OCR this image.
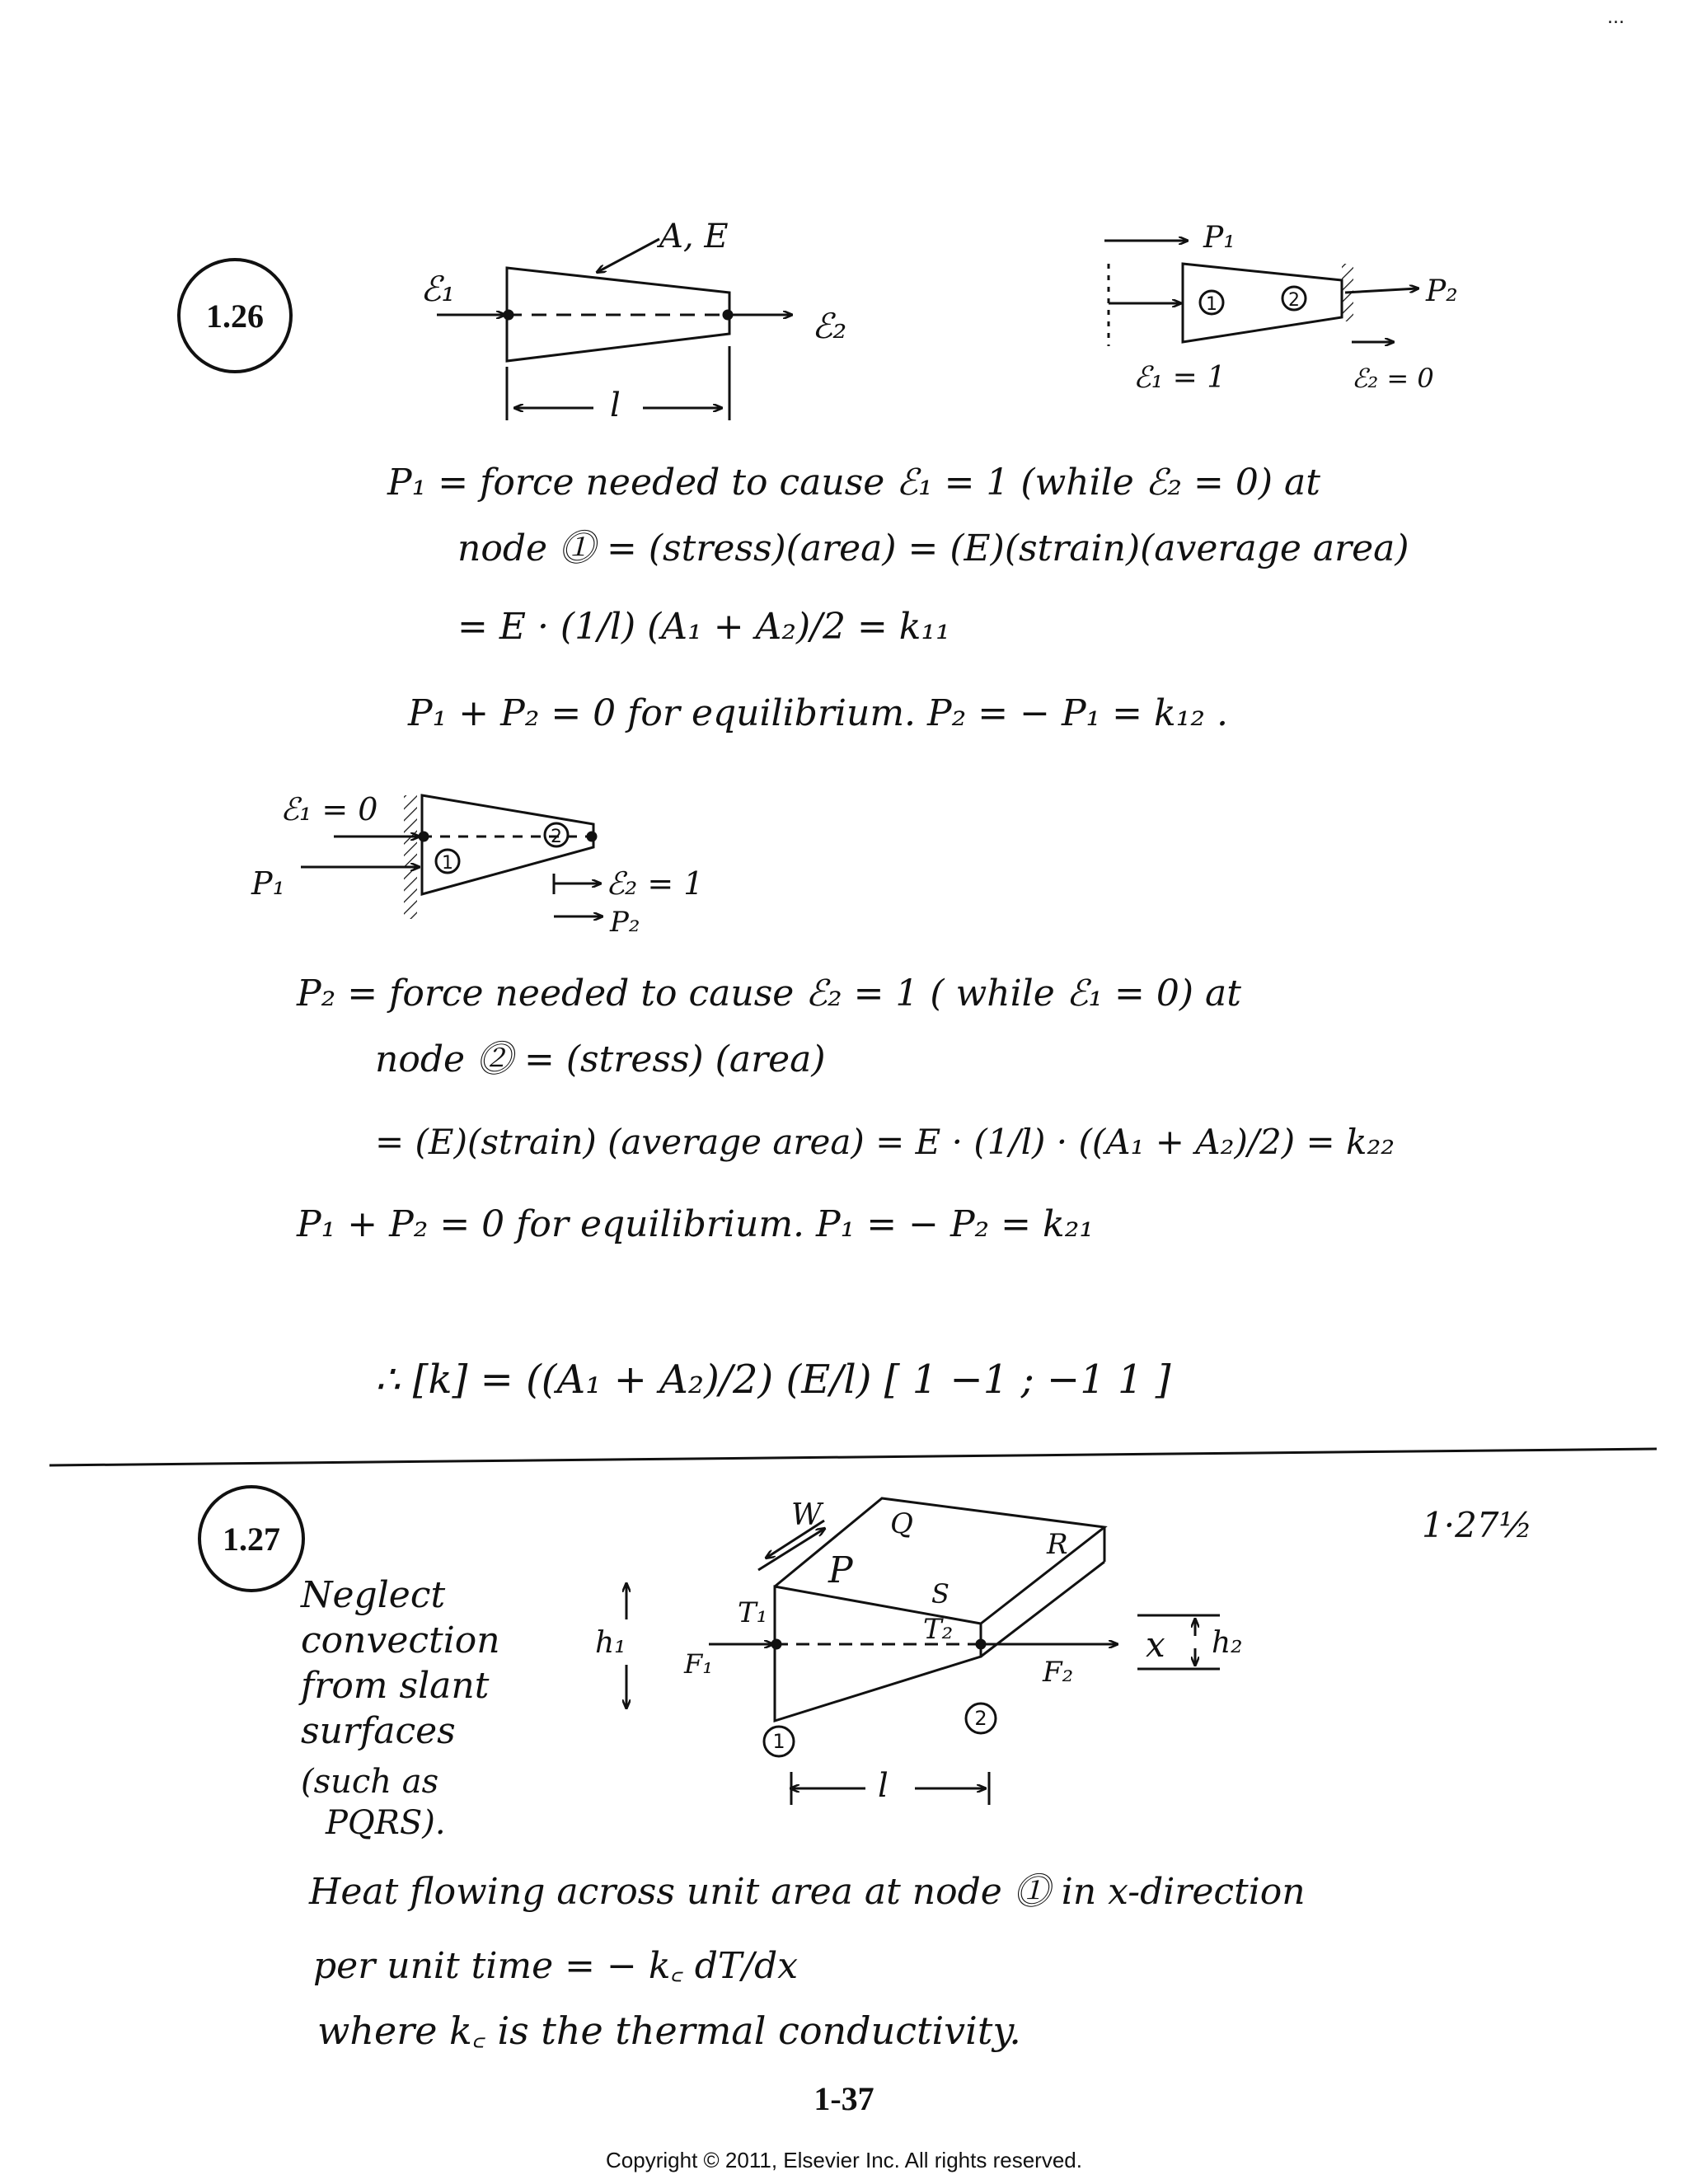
...
1.26
A, E
ℰ₁
ℰ₂
l
P₁
P₂
1	2
ℰ₁ = 1	ℰ₂ = 0
P₁ = force needed to cause ℰ₁ = 1 (while ℰ₂ = 0) at
node ⓵ = (stress)(area) = (E)(strain)(average area)
= E · (1/l) (A₁ + A₂)/2 = k₁₁
P₁ + P₂ = 0 for equilibrium. P₂ = − P₁ = k₁₂ .
ℰ₁ = 0
P₁	ℰ₂ = 1
P₂
1
2
P₂ = force needed to cause ℰ₂ = 1 ( while ℰ₁ = 0) at
node ⓶ = (stress) (area)
= (E)(strain) (average area) = E · (1/l) · ((A₁ + A₂)/2) = k₂₂
P₁ + P₂ = 0 for equilibrium. P₁ = − P₂ = k₂₁
∴ [k] = ((A₁ + A₂)/2) (E/l) [ 1 −1 ; −1 1 ]
1.27	1·27½
Neglect
convection
from slant
surfaces
(such as
PQRS).
W Q
R
P
S
T₁	T₂
F₁	F₂
h₁	h₂
x
l
1
2
Heat flowing across unit area at node ⓵ in x-direction
per unit time = − k꜀ dT/dx
where k꜀ is the thermal conductivity.
1-37
Copyright © 2011, Elsevier Inc. All rights reserved.
